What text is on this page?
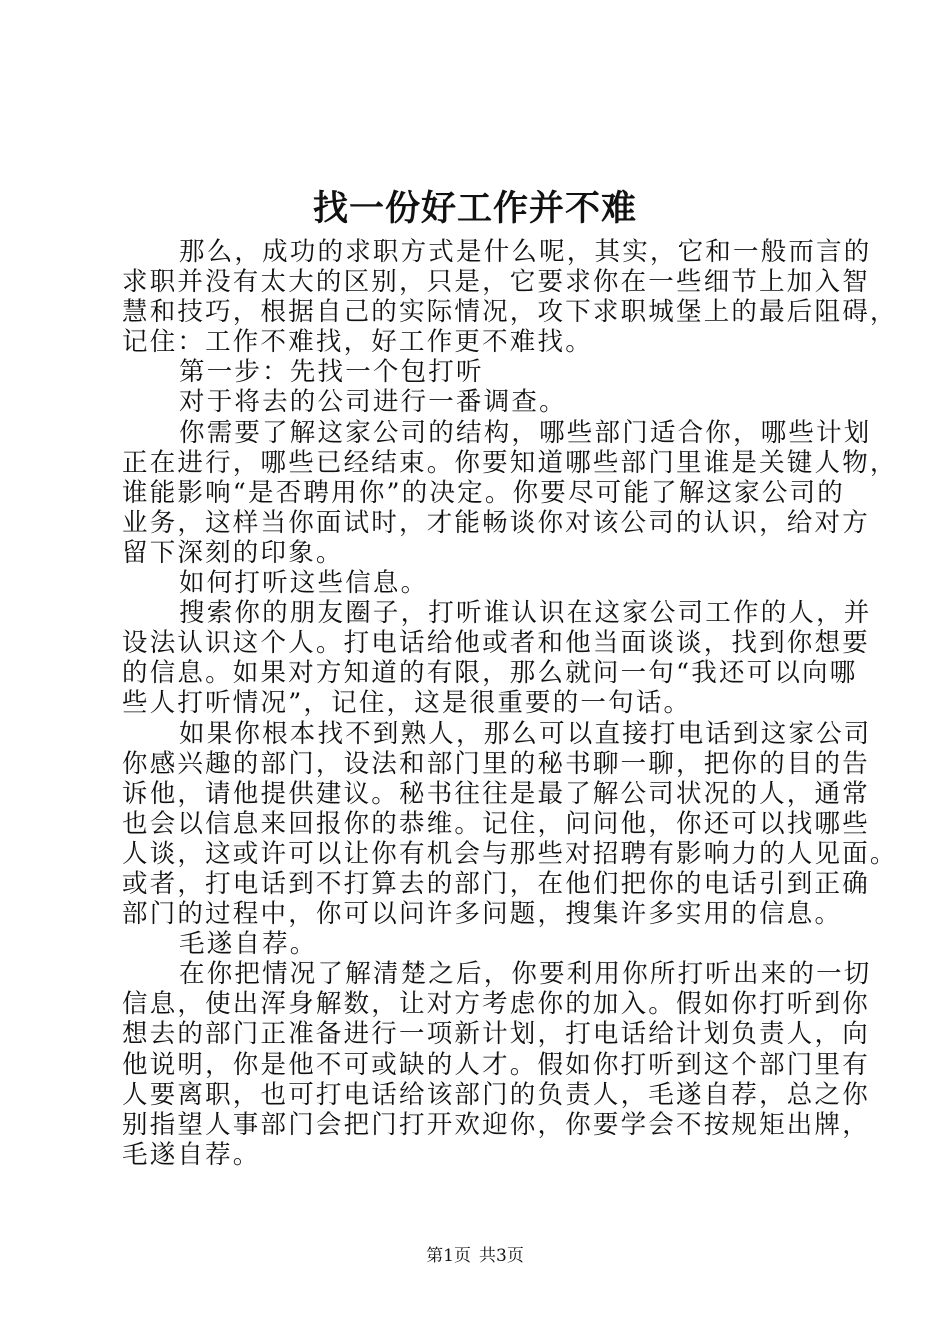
找一份好工作并不难
那么，成功的求职方式是什么呢，其实，它和一般而言的
求职并没有太大的区别，只是，它要求你在一些细节上加入智
慧和技巧，根据自己的实际情况，攻下求职城堡上的最后阻碍，
记住：工作不难找，好工作更不难找。
第一步：先找一个包打听
对于将去的公司进行一番调查。
你需要了解这家公司的结构，哪些部门适合你，哪些计划
正在进行，哪些已经结束。你要知道哪些部门里谁是关键人物，
谁能影响“是否聘用你”的决定。你要尽可能了解这家公司的
业务，这样当你面试时，才能畅谈你对该公司的认识，给对方
留下深刻的印象。
如何打听这些信息。
搜索你的朋友圈子，打听谁认识在这家公司工作的人，并
设法认识这个人。打电话给他或者和他当面谈谈，找到你想要
的信息。如果对方知道的有限，那么就问一句“我还可以向哪
些人打听情况”，记住，这是很重要的一句话。
如果你根本找不到熟人，那么可以直接打电话到这家公司
你感兴趣的部门，设法和部门里的秘书聊一聊，把你的目的告
诉他，请他提供建议。秘书往往是最了解公司状况的人，通常
也会以信息来回报你的恭维。记住，问问他，你还可以找哪些
人谈，这或许可以让你有机会与那些对招聘有影响力的人见面。
或者，打电话到不打算去的部门，在他们把你的电话引到正确
部门的过程中，你可以问许多问题，搜集许多实用的信息。
毛遂自荐。
在你把情况了解清楚之后，你要利用你所打听出来的一切
信息，使出浑身解数，让对方考虑你的加入。假如你打听到你
想去的部门正准备进行一项新计划，打电话给计划负责人，向
他说明，你是他不可或缺的人才。假如你打听到这个部门里有
人要离职，也可打电话给该部门的负责人，毛遂自荐，总之你
别指望人事部门会把门打开欢迎你，你要学会不按规矩出牌，
毛遂自荐。
第1页 共3页
